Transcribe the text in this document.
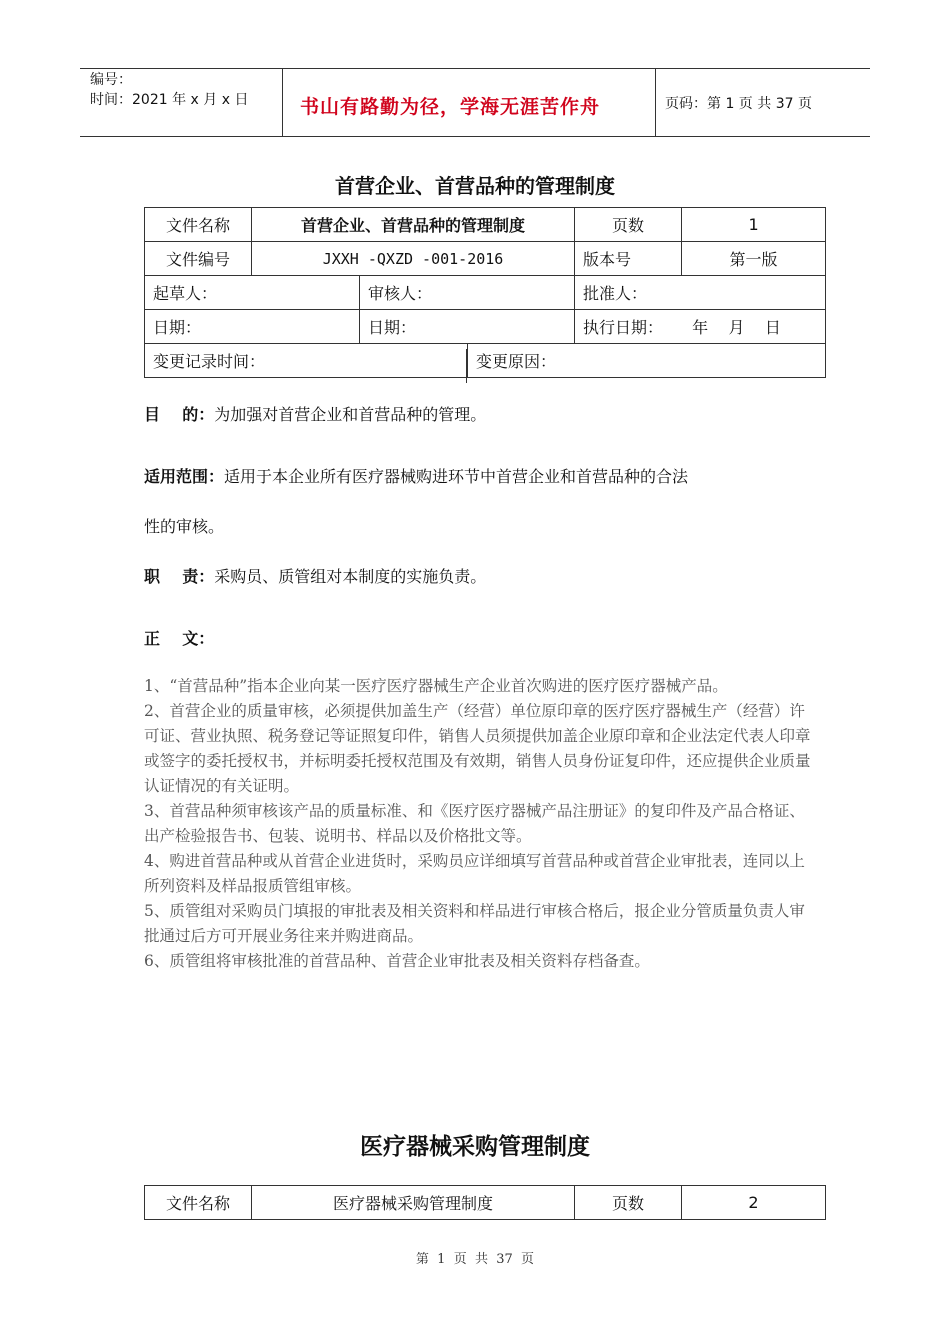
编号：
时间：2021 年 x 月 x 日	书山有路勤为径，学海无涯苦作舟	页码：第 1 页 共 37 页
首营企业、首营品种的管理制度
文件名称	首营企业、首营品种的管理制度			页数	1
文件编号	JXXH -QXZD -001-2016			版本号	第一版
起草人：		审核人：		批准人：	
日期：		日期：		执行日期： 年    月    日	
变更记录时间：			变更原因：		
目    的：为加强对首营企业和首营品种的管理。
适用范围：适用于本企业所有医疗器械购进环节中首营企业和首营品种的合法
性的审核。
职    责：采购员、质管组对本制度的实施负责。
正    文：

1、“首营品种”指本企业向某一医疗医疗器械生产企业首次购进的医疗医疗器械产品。

2、首营企业的质量审核，必须提供加盖生产（经营）单位原印章的医疗医疗器械生产（经营）许可证、营业执照、税务登记等证照复印件，销售人员须提供加盖企业原印章和企业法定代表人印章或签字的委托授权书，并标明委托授权范围及有效期，销售人员身份证复印件，还应提供企业质量认证情况的有关证明。

3、首营品种须审核该产品的质量标准、和《医疗医疗器械产品注册证》的复印件及产品合格证、出产检验报告书、包装、说明书、样品以及价格批文等。

4、购进首营品种或从首营企业进货时，采购员应详细填写首营品种或首营企业审批表，连同以上所列资料及样品报质管组审核。

5、质管组对采购员门填报的审批表及相关资料和样品进行审核合格后，报企业分管质量负责人审批通过后方可开展业务往来并购进商品。

6、质管组将审核批准的首营品种、首营企业审批表及相关资料存档备查。

医疗器械采购管理制度
文件名称	医疗器械采购管理制度	页数	2
第  1  页  共  37  页
